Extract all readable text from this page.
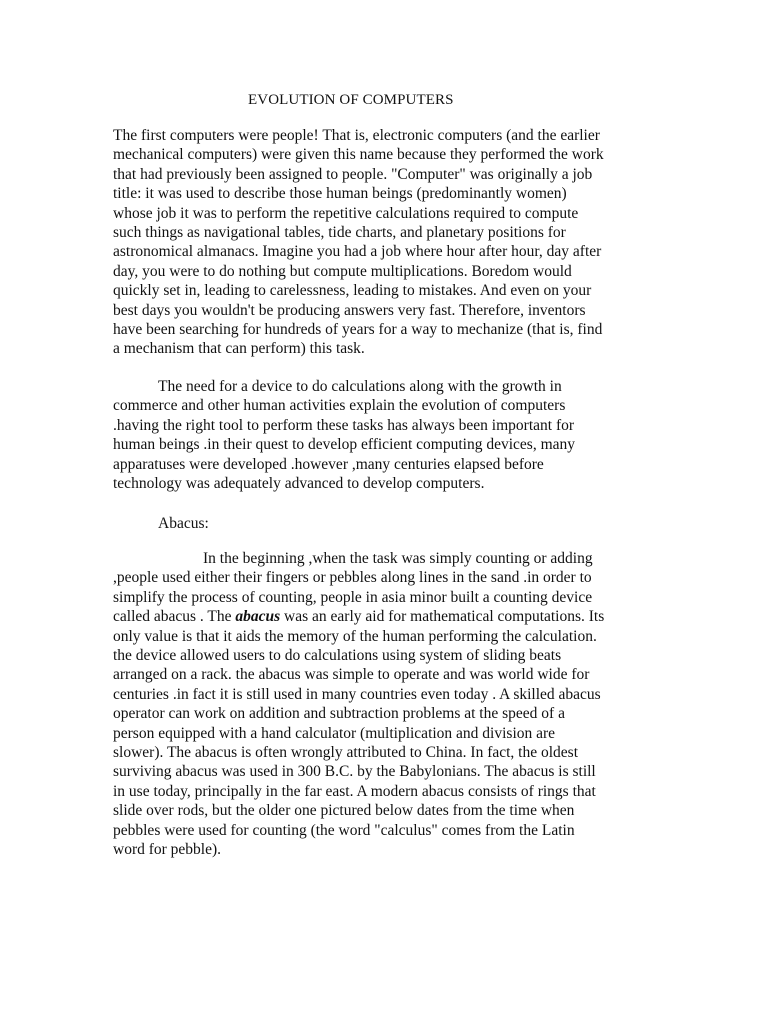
EVOLUTION OF COMPUTERS

The first computers were people! That is, electronic computers (and the earlier
mechanical computers) were given this name because they performed the work
that had previously been assigned to people. "Computer" was originally a job
title: it was used to describe those human beings (predominantly women)
whose job it was to perform the repetitive calculations required to compute
such things as navigational tables, tide charts, and planetary positions for
astronomical almanacs. Imagine you had a job where hour after hour, day after
day, you were to do nothing but compute multiplications. Boredom would
quickly set in, leading to carelessness, leading to mistakes. And even on your
best days you wouldn't be producing answers very fast. Therefore, inventors
have been searching for hundreds of years for a way to mechanize (that is, find
a mechanism that can perform) this task.

The need for a device to do calculations along with the growth in
commerce and other human activities explain the evolution of computers
.having the right tool to perform these tasks has always been important for
human beings .in their quest to develop efficient computing devices, many
apparatuses were developed .however ,many centuries elapsed before
technology was adequately advanced to develop computers.

Abacus:

In the beginning ,when the task was simply counting or adding
,people used either their fingers or pebbles along lines in the sand .in order to
simplify the process of counting, people in asia minor built a counting device
called abacus . The abacus was an early aid for mathematical computations. Its
only value is that it aids the memory of the human performing the calculation.
the device allowed users to do calculations using system of sliding beats
arranged on a rack. the abacus was simple to operate and was world wide for
centuries .in fact it is still used in many countries even today . A skilled abacus
operator can work on addition and subtraction problems at the speed of a
person equipped with a hand calculator (multiplication and division are
slower). The abacus is often wrongly attributed to China. In fact, the oldest
surviving abacus was used in 300 B.C. by the Babylonians. The abacus is still
in use today, principally in the far east. A modern abacus consists of rings that
slide over rods, but the older one pictured below dates from the time when
pebbles were used for counting (the word "calculus" comes from the Latin
word for pebble).
